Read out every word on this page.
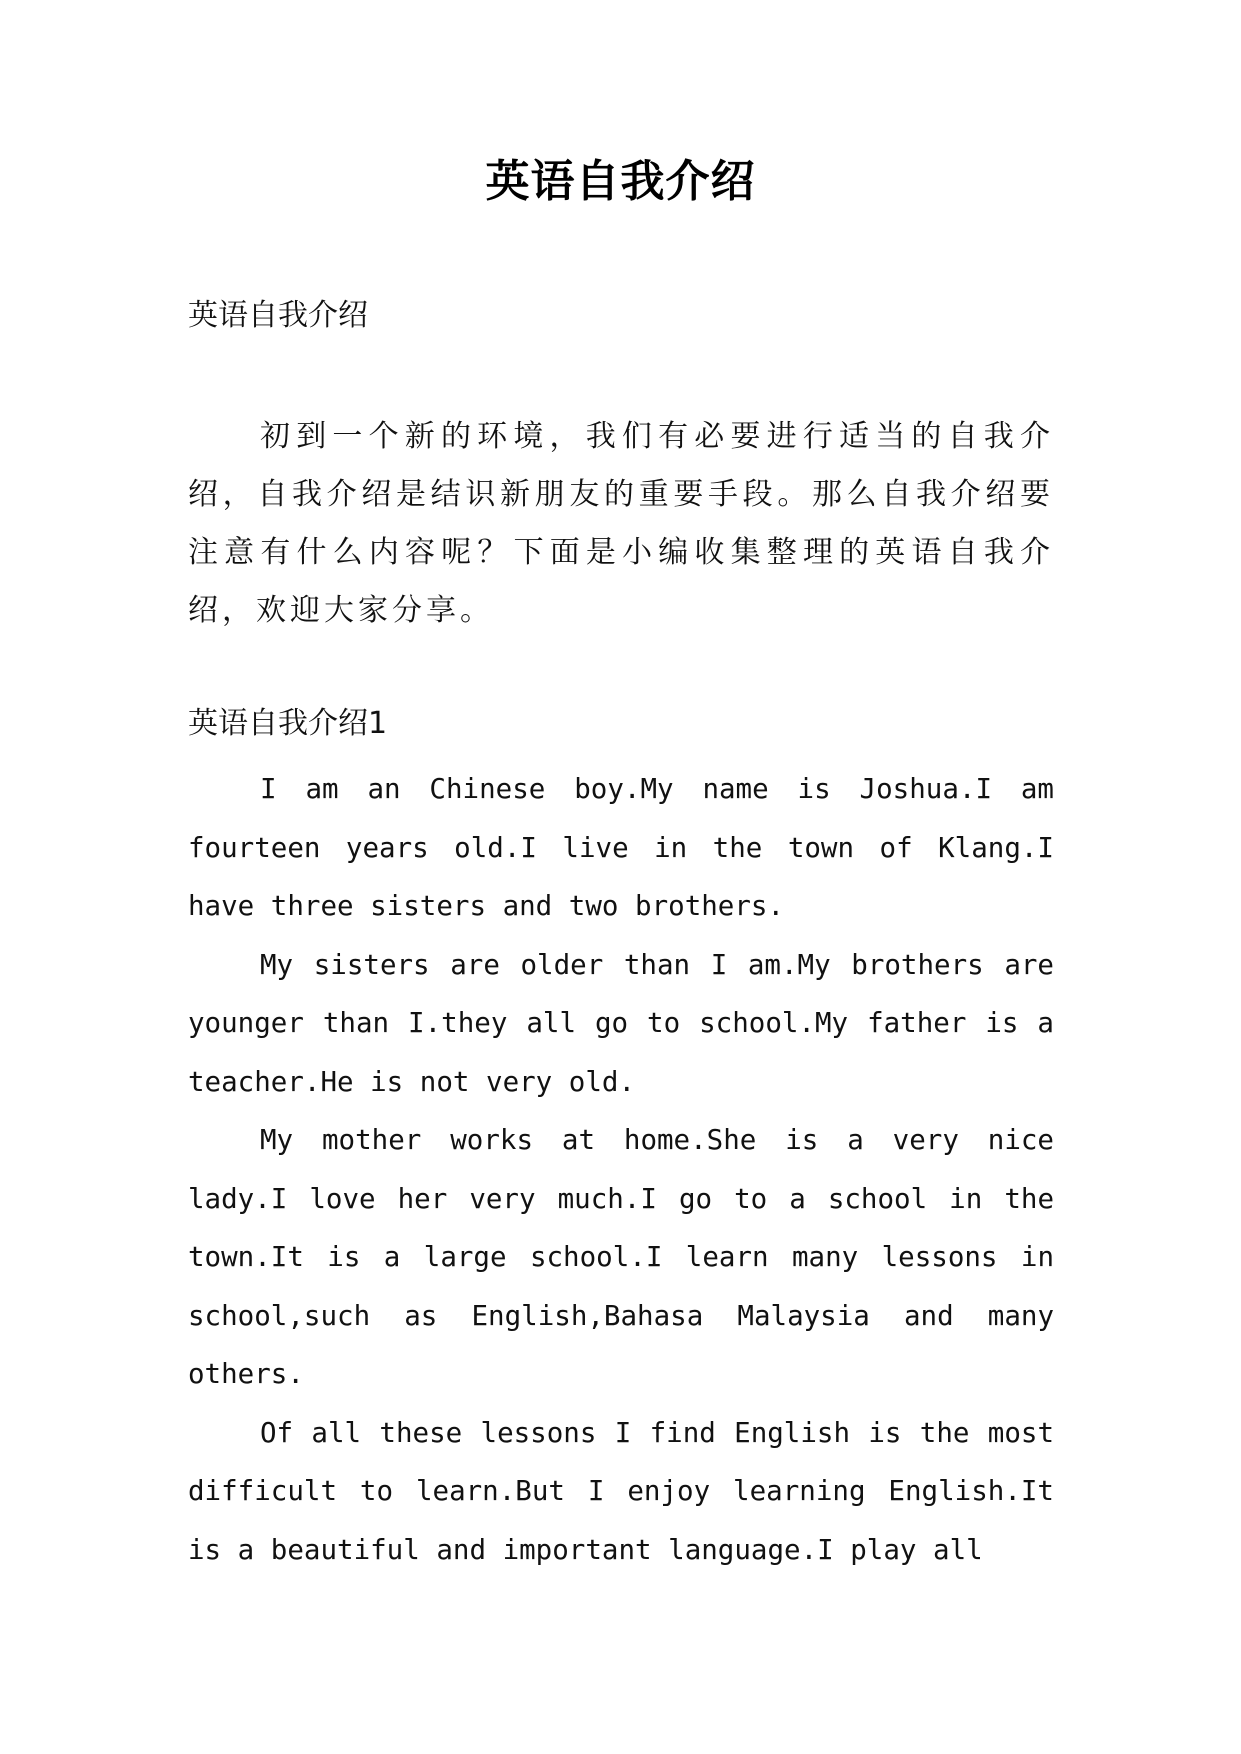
英语自我介绍
英语自我介绍

初到一个新的环境，我们有必要进行适当的自我介绍，自我介绍是结识新朋友的重要手段。那么自我介绍要注意有什么内容呢？下面是小编收集整理的英语自我介绍，欢迎大家分享。

英语自我介绍1

I am an Chinese boy.My name is Joshua.I am fourteen years old.I live in the town of Klang.I have three sisters and two brothers.

My sisters are older than I am.My brothers are younger than I.they all go to school.My father is a teacher.He is not very old.

My mother works at home.She is a very nice lady.I love her very much.I go to a school in the town.It is a large school.I learn many lessons in school,such as English,Bahasa Malaysia and many others.

Of all these lessons I find English is the most difficult to learn.But I enjoy learning English.It is a beautiful and important language.I play all
